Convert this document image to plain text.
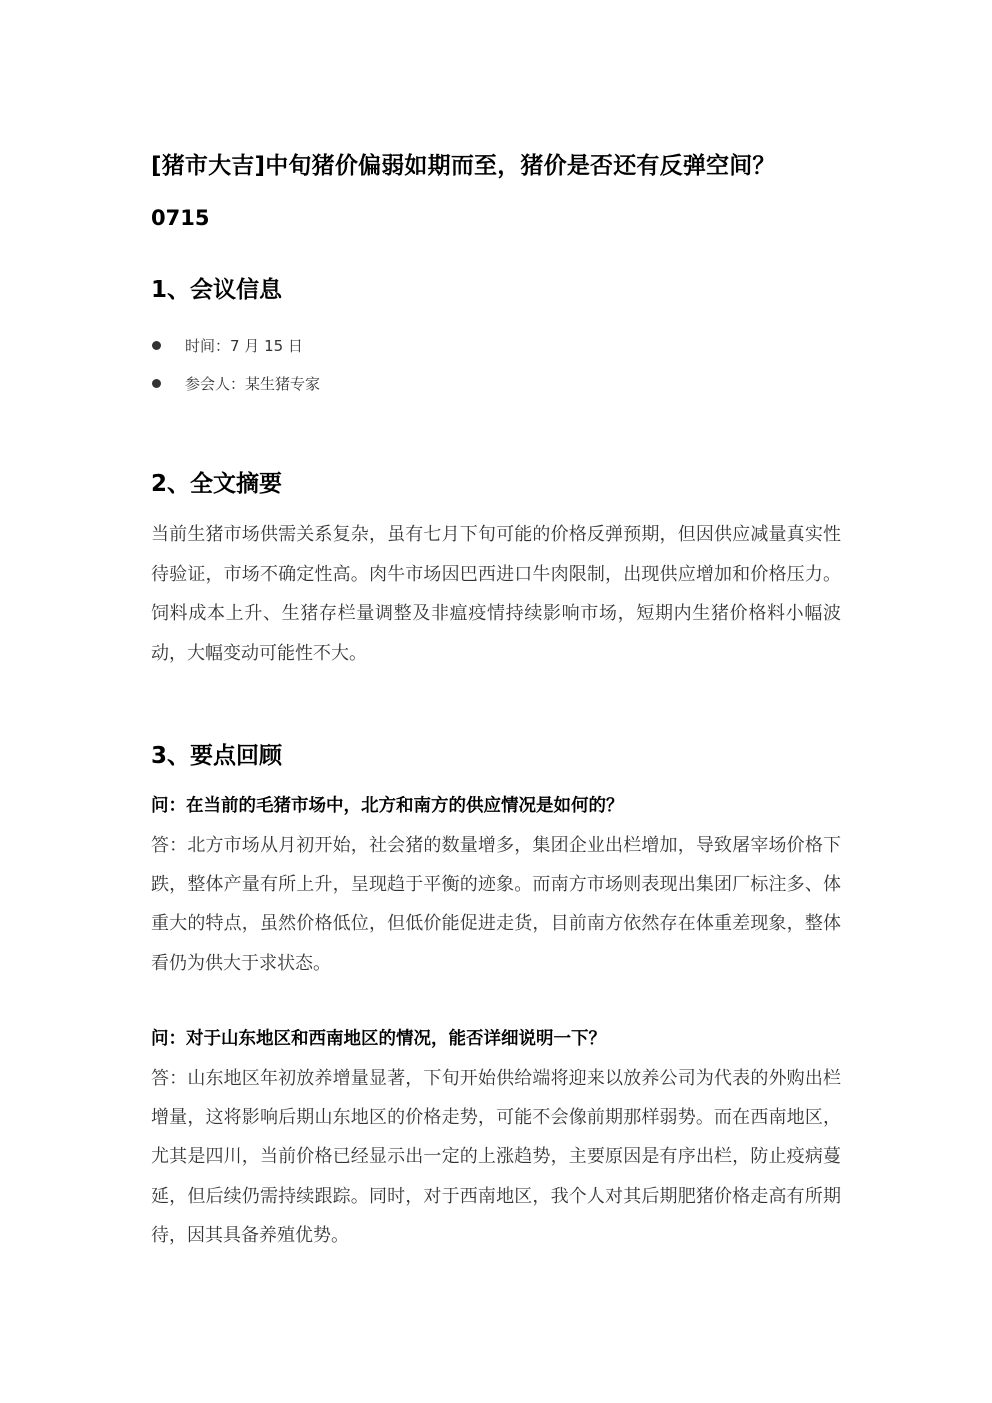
[猪市大吉]中旬猪价偏弱如期而至，猪价是否还有反弹空间？
0715
1、会议信息
时间：7 月 15 日
参会人：某生猪专家
2、全文摘要

当前生猪市场供需关系复杂，虽有七月下旬可能的价格反弹预期，但因供应减量真实性待验证，市场不确定性高。肉牛市场因巴西进口牛肉限制，出现供应增加和价格压力。饲料成本上升、生猪存栏量调整及非瘟疫情持续影响市场，短期内生猪价格料小幅波动，大幅变动可能性不大。

3、要点回顾
问：在当前的毛猪市场中，北方和南方的供应情况是如何的？

答：北方市场从月初开始，社会猪的数量增多，集团企业出栏增加，导致屠宰场价格下跌，整体产量有所上升，呈现趋于平衡的迹象。而南方市场则表现出集团厂标注多、体重大的特点，虽然价格低位，但低价能促进走货，目前南方依然存在体重差现象，整体看仍为供大于求状态。

问：对于山东地区和西南地区的情况，能否详细说明一下？

答：山东地区年初放养增量显著，下旬开始供给端将迎来以放养公司为代表的外购出栏增量，这将影响后期山东地区的价格走势，可能不会像前期那样弱势。而在西南地区，尤其是四川，当前价格已经显示出一定的上涨趋势，主要原因是有序出栏，防止疫病蔓延，但后续仍需持续跟踪。同时，对于西南地区，我个人对其后期肥猪价格走高有所期待，因其具备养殖优势。
